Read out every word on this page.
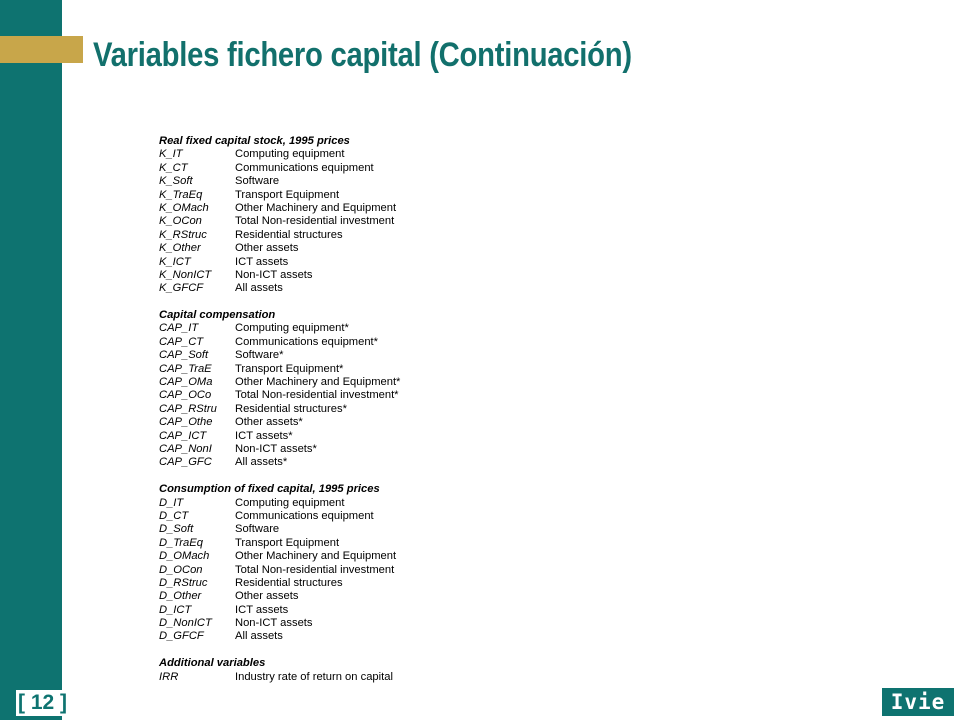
Variables fichero capital (Continuación)
Real fixed capital stock, 1995 prices
K_IT	Computing equipment
K_CT	Communications equipment
K_Soft	Software
K_TraEq	Transport Equipment
K_OMach	Other Machinery and Equipment
K_OCon	Total Non-residential investment
K_RStruc	Residential structures
K_Other	Other assets
K_ICT	ICT assets
K_NonICT	Non-ICT assets
K_GFCF	All assets
Capital compensation
CAP_IT	Computing equipment*
CAP_CT	Communications equipment*
CAP_Soft	Software*
CAP_TraE	Transport Equipment*
CAP_OMa	Other Machinery and Equipment*
CAP_OCo	Total Non-residential investment*
CAP_RStru	Residential structures*
CAP_Othe	Other assets*
CAP_ICT	ICT assets*
CAP_NonI	Non-ICT assets*
CAP_GFC	All assets*
Consumption of fixed capital, 1995 prices
D_IT	Computing equipment
D_CT	Communications equipment
D_Soft	Software
D_TraEq	Transport Equipment
D_OMach	Other Machinery and Equipment
D_OCon	Total Non-residential investment
D_RStruc	Residential structures
D_Other	Other assets
D_ICT	ICT assets
D_NonICT	Non-ICT assets
D_GFCF	All assets
Additional variables
IRR	Industry rate of return on capital
[ 12 ]	Ivie
